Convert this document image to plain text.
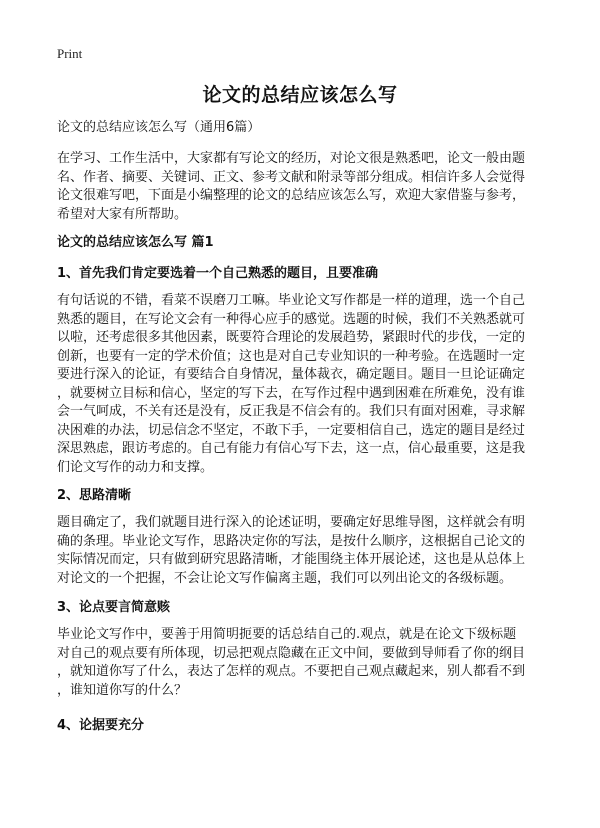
Print
论文的总结应该怎么写
论文的总结应该怎么写（通用6篇）
在学习、工作生活中，大家都有写论文的经历，对论文很是熟悉吧，论文一般由题
名、作者、摘要、关键词、正文、参考文献和附录等部分组成。相信许多人会觉得
论文很难写吧，下面是小编整理的论文的总结应该怎么写，欢迎大家借鉴与参考，
希望对大家有所帮助。
论文的总结应该怎么写 篇1
1、首先我们肯定要选着一个自己熟悉的题目，且要准确
有句话说的不错，看菜不误磨刀工嘛。毕业论文写作都是一样的道理，选一个自己
熟悉的题目，在写论文会有一种得心应手的感觉。选题的时候，我们不关熟悉就可
以啦，还考虑很多其他因素，既要符合理论的发展趋势，紧跟时代的步伐，一定的
创新，也要有一定的学术价值；这也是对自己专业知识的一种考验。在选题时一定
要进行深入的论证，有要结合自身情况，量体裁衣，确定题目。题目一旦论证确定
，就要树立目标和信心，坚定的写下去，在写作过程中遇到困难在所难免，没有谁
会一气呵成，不关有还是没有，反正我是不信会有的。我们只有面对困难，寻求解
决困难的办法，切忌信念不坚定，不敢下手，一定要相信自己，选定的题目是经过
深思熟虑，跟访考虑的。自己有能力有信心写下去，这一点，信心最重要，这是我
们论文写作的动力和支撑。
2、思路清晰
题目确定了，我们就题目进行深入的论述证明，要确定好思维导图，这样就会有明
确的条理。毕业论文写作，思路决定你的写法，是按什么顺序，这根据自己论文的
实际情况而定，只有做到研究思路清晰，才能围绕主体开展论述，这也是从总体上
对论文的一个把握，不会让论文写作偏离主题，我们可以列出论文的各级标题。
3、论点要言简意赅
毕业论文写作中，要善于用简明扼要的话总结自己的.观点，就是在论文下级标题
对自己的观点要有所体现，切忌把观点隐藏在正文中间，要做到导师看了你的纲目
，就知道你写了什么，表达了怎样的观点。不要把自己观点藏起来，别人都看不到
，谁知道你写的什么？
4、论据要充分
